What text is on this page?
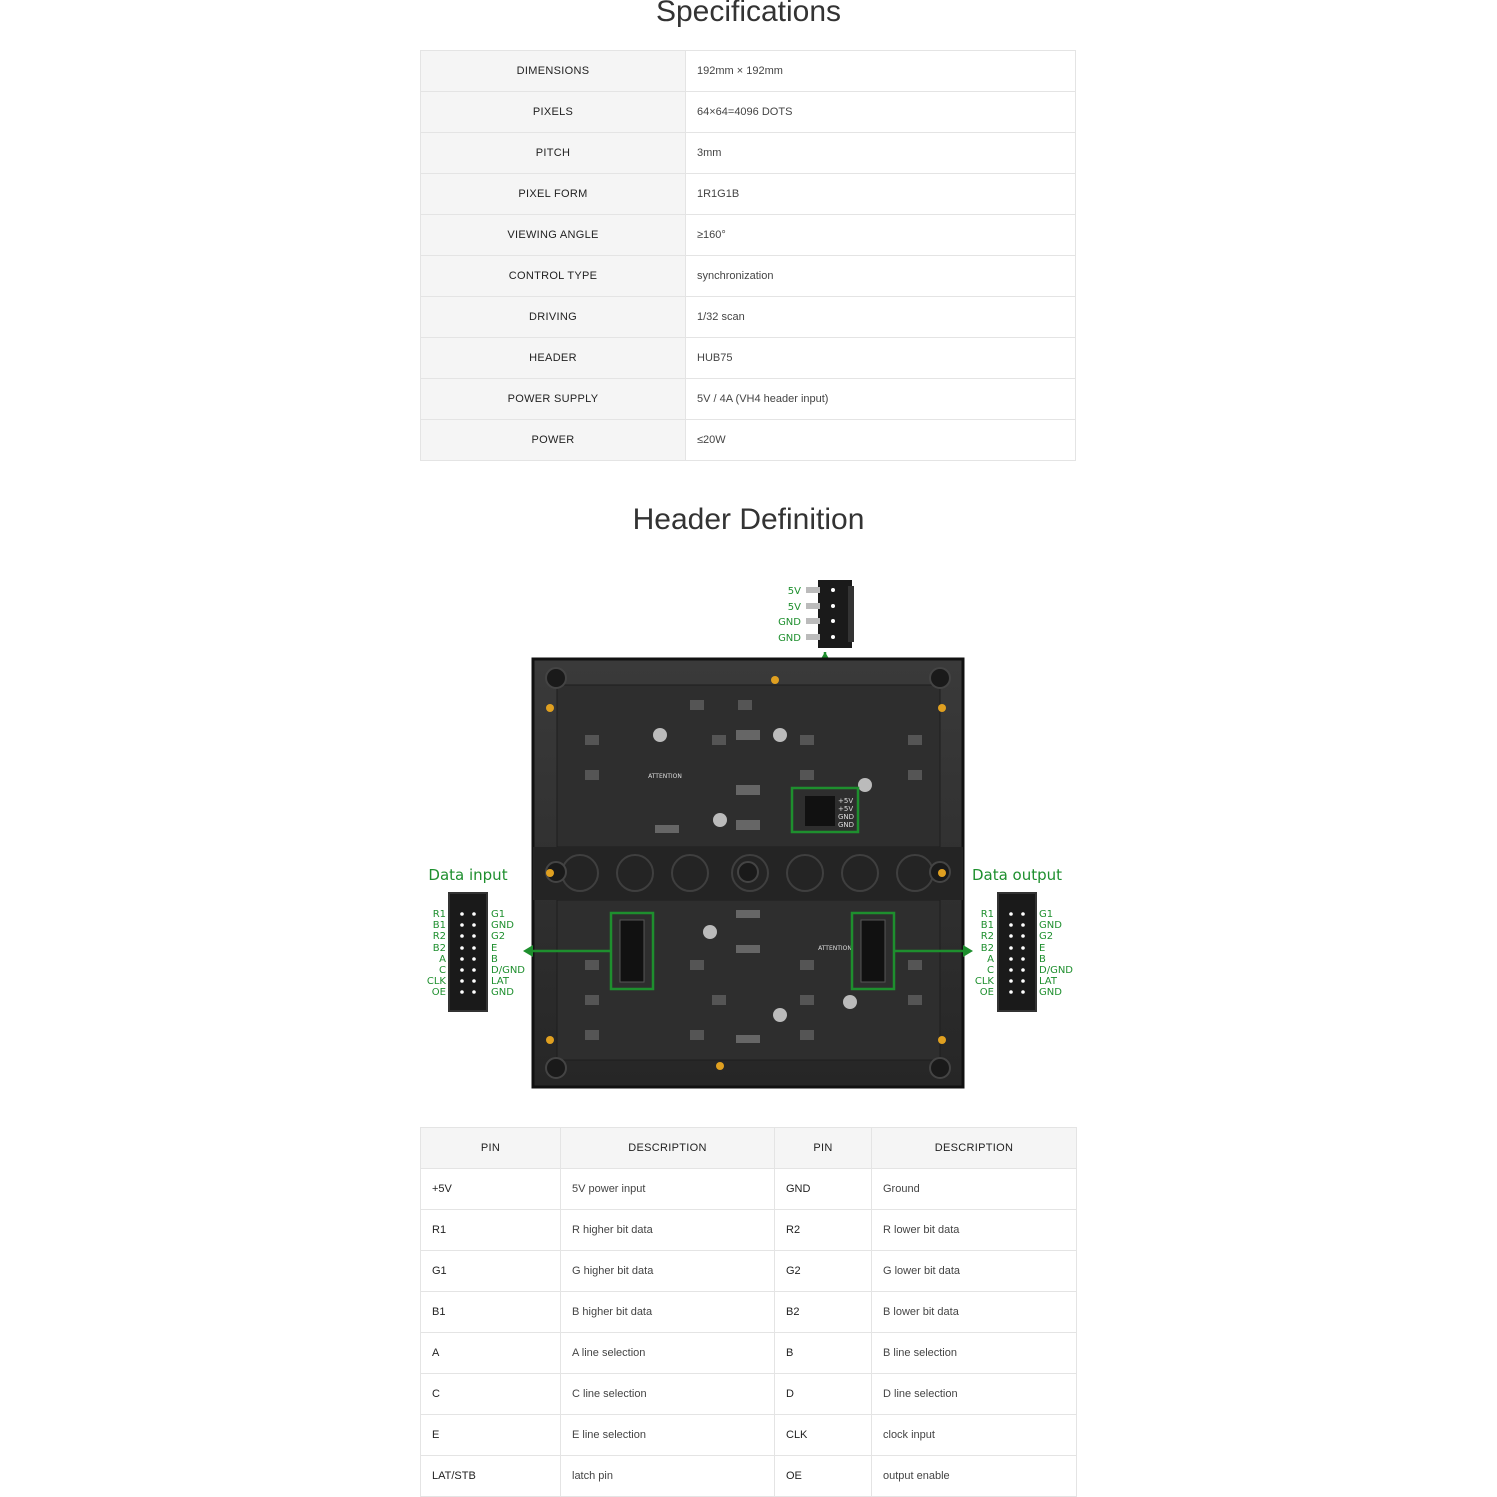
Specifications
DIMENSIONS	192mm × 192mm
PIXELS	64×64=4096 DOTS
PITCH	3mm
PIXEL FORM	1R1G1B
VIEWING ANGLE	≥160°
CONTROL TYPE	synchronization
DRIVING	1/32 scan
HEADER	HUB75
POWER SUPPLY	5V / 4A (VH4 header input)
POWER	≤20W
Header Definition
5V
5V
GND
GND
ATTENTION
ATTENTION
+5V
+5V
GND
GND
Data input
R1
B1
R2
B2
A
C
CLK
OE
G1
GND
G2
E
B
D/GND
LAT
GND
Data output
R1
B1
R2
B2
A
C
CLK
OE
G1
GND
G2
E
B
D/GND
LAT
GND
PIN	DESCRIPTION	PIN	DESCRIPTION
+5V	5V power input	GND	Ground
R1	R higher bit data	R2	R lower bit data
G1	G higher bit data	G2	G lower bit data
B1	B higher bit data	B2	B lower bit data
A	A line selection	B	B line selection
C	C line selection	D	D line selection
E	E line selection	CLK	clock input
LAT/STB	latch pin	OE	output enable
